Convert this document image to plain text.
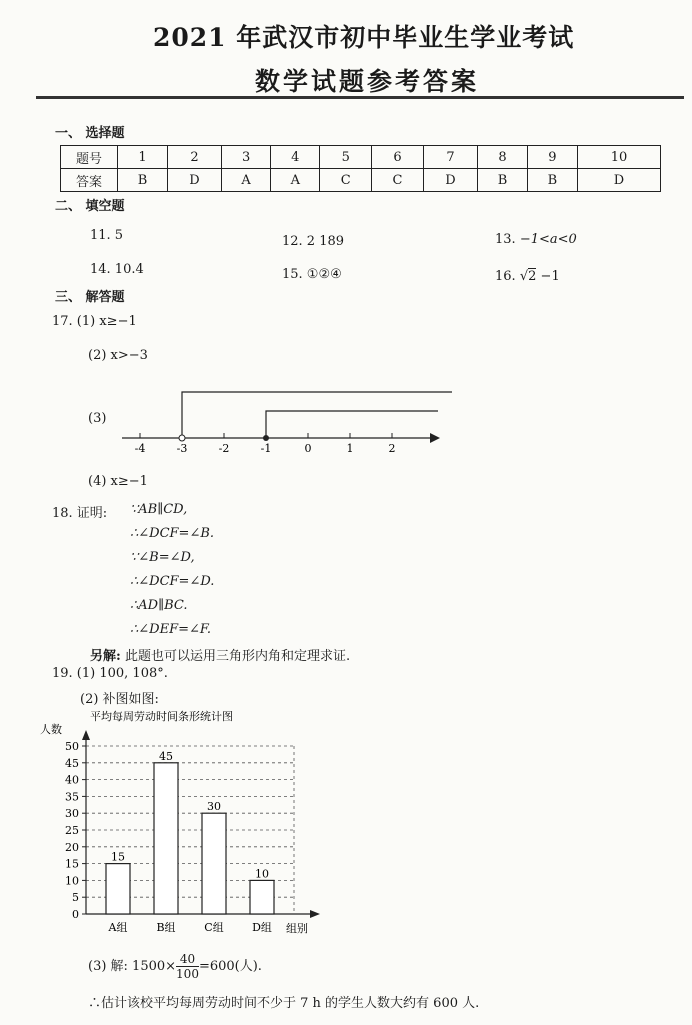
2021 年武汉市初中毕业生学业考试
数学试题参考答案
一、 选择题
题号	1	2	3	4	5	6	7	8	9	10
答案	B	D	A	A	C	C	D	B	B	D
二、 填空题
11. 5	12. 2 189	13. −1<a<0
14. 10.4	15. ①②④	16. √2 −1
三、 解答题
17. (1) x≥−1
(2) x>−3
(3)
-4	-3	-2	-1	0	1	2
(4) x≥−1
18. 证明: ∵AB∥CD,
∴∠DCF=∠B.
∵∠B=∠D,
∴∠DCF=∠D.
∴AD∥BC.
∴∠DEF=∠F.
另解: 此题也可以运用三角形内角和定理求证.
19. (1) 100, 108°.
(2) 补图如图:
平均每周劳动时间条形统计图
人数
组别
0
5
10
15
20
25
30
35
40
45
50
15
A组
45
B组
30
C组
10
D组
(3) 解: $1500\times \frac{40}{100} =600$(人).
∴估计该校平均每周劳动时间不少于 7 h 的学生人数大约有 600 人.
